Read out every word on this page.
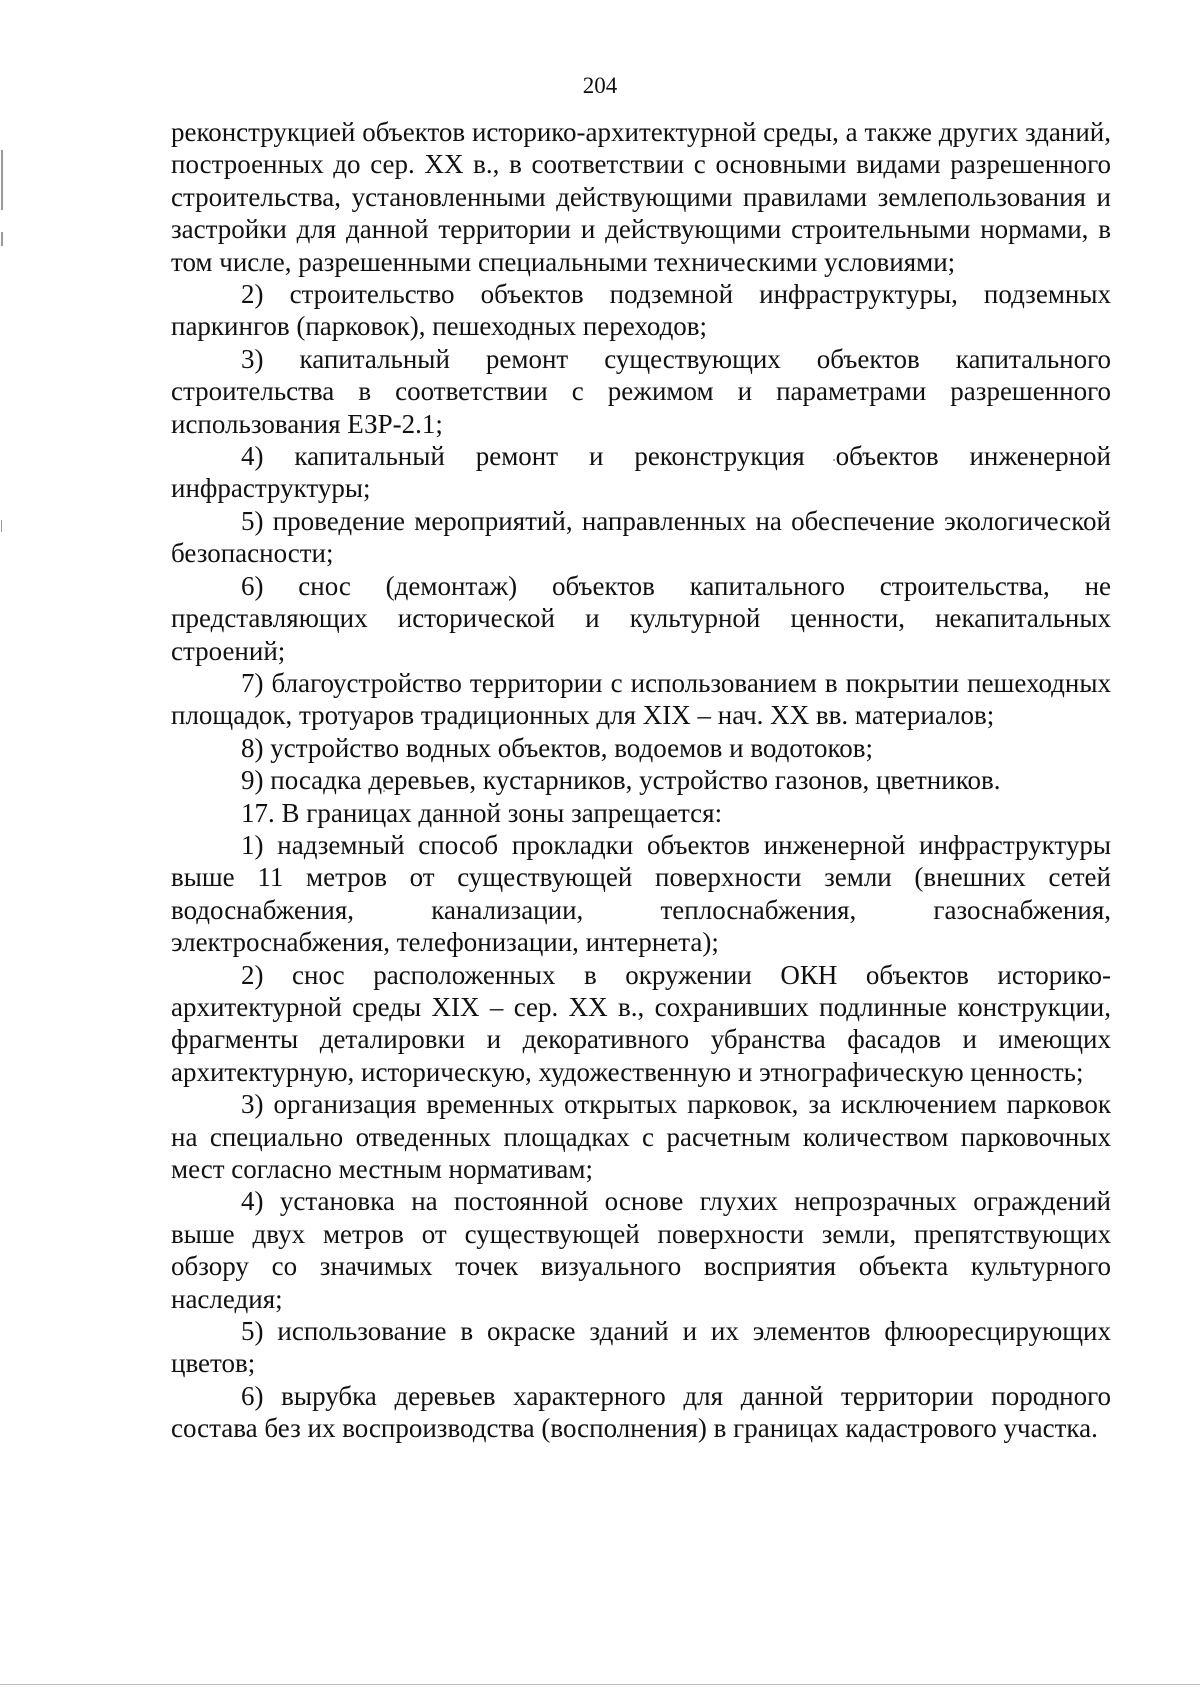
204

реконструкцией объектов историко-архитектурной среды, а также других зданий, построенных до сер. XX в., в соответствии с основными видами разрешенного строительства, установленными действующими правилами землепользования и застройки для данной территории и действующими строительными нормами, в том числе, разрешенными специальными техническими условиями;

2) строительство объектов подземной инфраструктуры, подземных паркингов (парковок), пешеходных переходов;

3) капитальный ремонт существующих объектов капитального строительства в соответствии с режимом и параметрами разрешенного использования ЕЗР-2.1;

4) капитальный ремонт и реконструкция объектов инженерной инфраструктуры;

5) проведение мероприятий, направленных на обеспечение экологической безопасности;

6) снос (демонтаж) объектов капитального строительства, не представляющих исторической и культурной ценности, некапитальных строений;

7) благоустройство территории с использованием в покрытии пешеходных площадок, тротуаров традиционных для XIX – нач. XX вв. материалов;

8) устройство водных объектов, водоемов и водотоков;

9) посадка деревьев, кустарников, устройство газонов, цветников.

17. В границах данной зоны запрещается:

1) надземный способ прокладки объектов инженерной инфраструктуры выше 11 метров от существующей поверхности земли (внешних сетей водоснабжения, канализации, теплоснабжения, газоснабжения, электроснабжения, телефонизации, интернета);

2) снос расположенных в окружении ОКН объектов историко-архитектурной среды XIX – сер. XX в., сохранивших подлинные конструкции, фрагменты деталировки и декоративного убранства фасадов и имеющих архитектурную, историческую, художественную и этнографическую ценность;

3) организация временных открытых парковок, за исключением парковок на специально отведенных площадках с расчетным количеством парковочных мест согласно местным нормативам;

4) установка на постоянной основе глухих непрозрачных ограждений выше двух метров от существующей поверхности земли, препятствующих обзору со значимых точек визуального восприятия объекта культурного наследия;

5) использование в окраске зданий и их элементов флюоресцирующих цветов;

6) вырубка деревьев характерного для данной территории породного состава без их воспроизводства (восполнения) в границах кадастрового участка.
